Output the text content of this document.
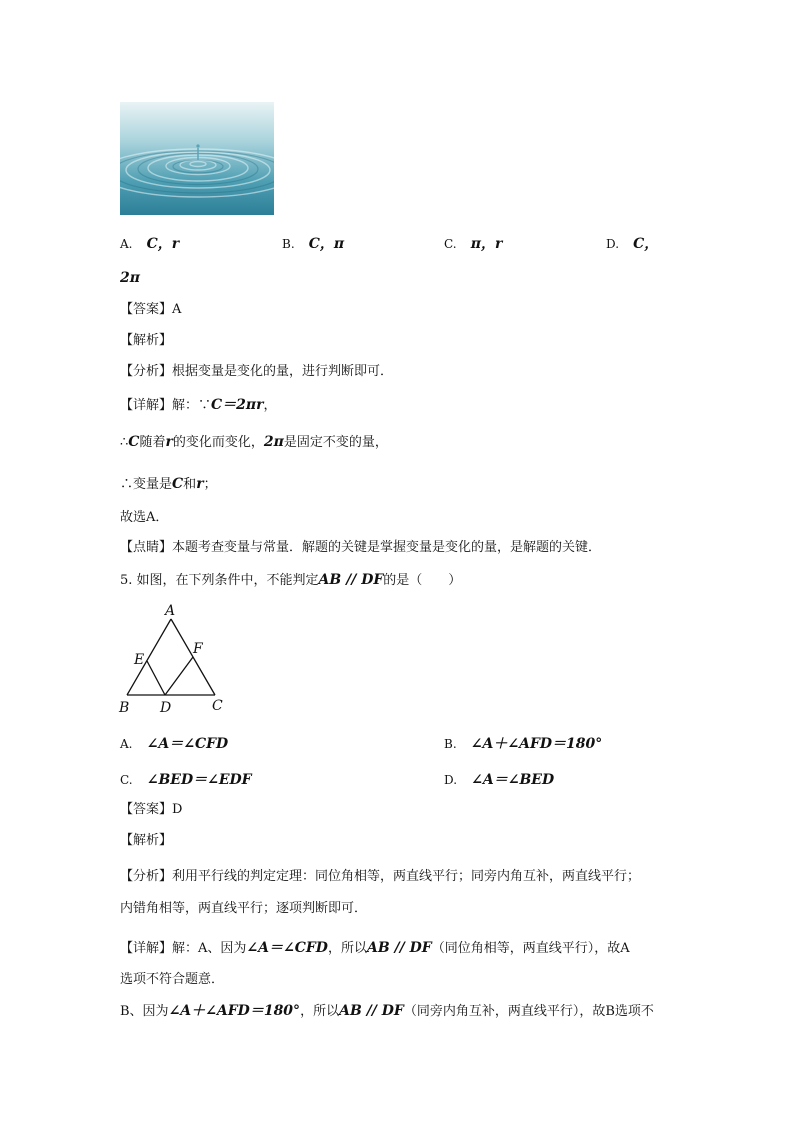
A. C，r	B. C，π	C. π，r	D. C，
2π
【答案】A
【解析】
【分析】根据变量是变化的量，进行判断即可．
【详解】解：∵C＝2πr，
∴C随着r的变化而变化，2π是固定不变的量，
∴变量是C和r；
故选A．
【点睛】本题考查变量与常量．解题的关键是掌握变量是变化的量，是解题的关键．
5. 如图，在下列条件中，不能判定AB // DF的是（　　）
A
B	C
D
E
F
A. ∠A＝∠CFD	B. ∠A＋∠AFD＝180°
C. ∠BED＝∠EDF	D. ∠A＝∠BED
【答案】D
【解析】
【分析】利用平行线的判定定理：同位角相等，两直线平行；同旁内角互补，两直线平行；
内错角相等，两直线平行；逐项判断即可．
【详解】解：A、因为∠A＝∠CFD，所以AB // DF（同位角相等，两直线平行），故A
选项不符合题意．
B、因为∠A＋∠AFD＝180°，所以AB // DF（同旁内角互补，两直线平行），故B选项不
